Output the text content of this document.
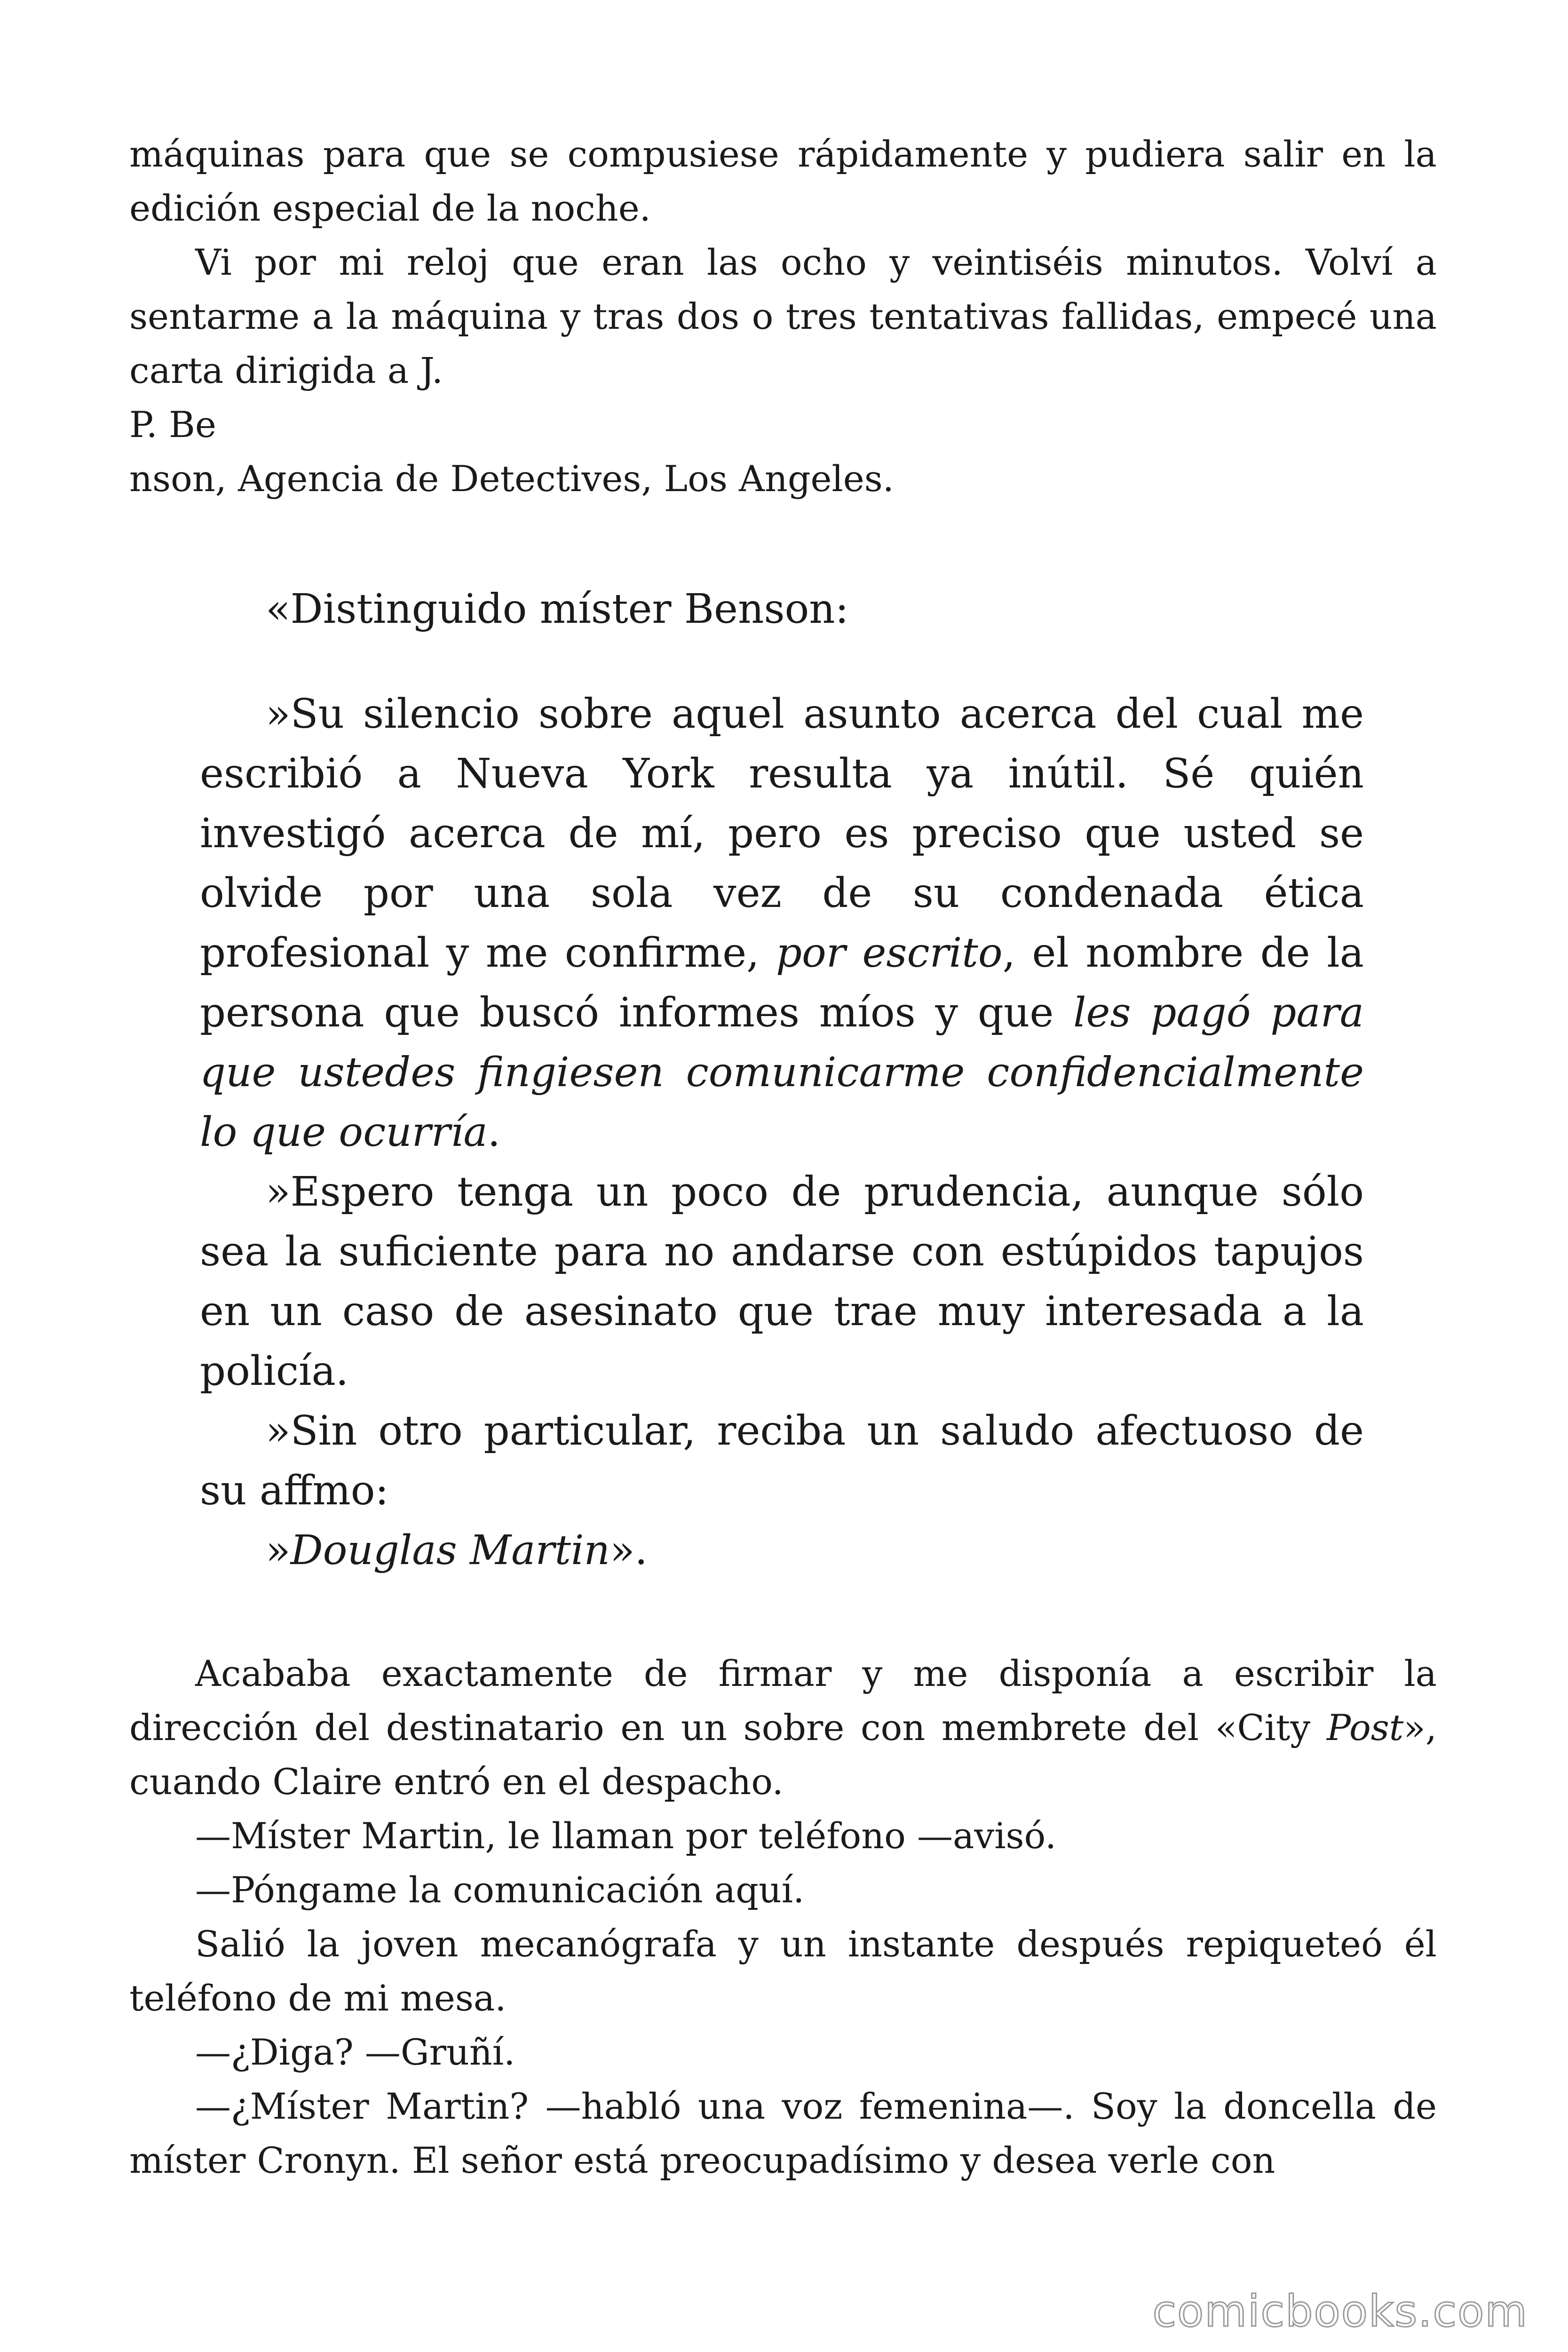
máquinas para que se compusiese rápidamente y pudiera salir en la edición especial de la noche.

Vi por mi reloj que eran las ocho y veintiséis minutos. Volví a sentarme a la máquina y tras dos o tres tentativas fallidas, empecé una carta dirigida a J.

P. Be

nson, Agencia de Detectives, Los Angeles.

«Distinguido míster Benson:

»Su silencio sobre aquel asunto acerca del cual me escribió a Nueva York resulta ya inútil. Sé quién investigó acerca de mí, pero es preciso que usted se olvide por una sola vez de su condenada ética profesional y me confirme, por escrito, el nombre de la persona que buscó informes míos y que les pagó para que ustedes fingiesen comunicarme confidencialmente lo que ocurría.

»Espero tenga un poco de prudencia, aunque sólo sea la suficiente para no andarse con estúpidos tapujos en un caso de asesinato que trae muy interesada a la policía.

»Sin otro particular, reciba un saludo afectuoso de su affmo:

»Douglas Martin».

Acababa exactamente de firmar y me disponía a escribir la dirección del destinatario en un sobre con membrete del «City Post», cuando Claire entró en el despacho.

—Míster Martin, le llaman por teléfono —avisó.

—Póngame la comunicación aquí.

Salió la joven mecanógrafa y un instante después repiqueteó él teléfono de mi mesa.

—¿Diga? —Gruñí.

—¿Míster Martin? —habló una voz femenina—. Soy la doncella de míster Cronyn. El señor está preocupadísimo y desea verle con

comicbooks.com
